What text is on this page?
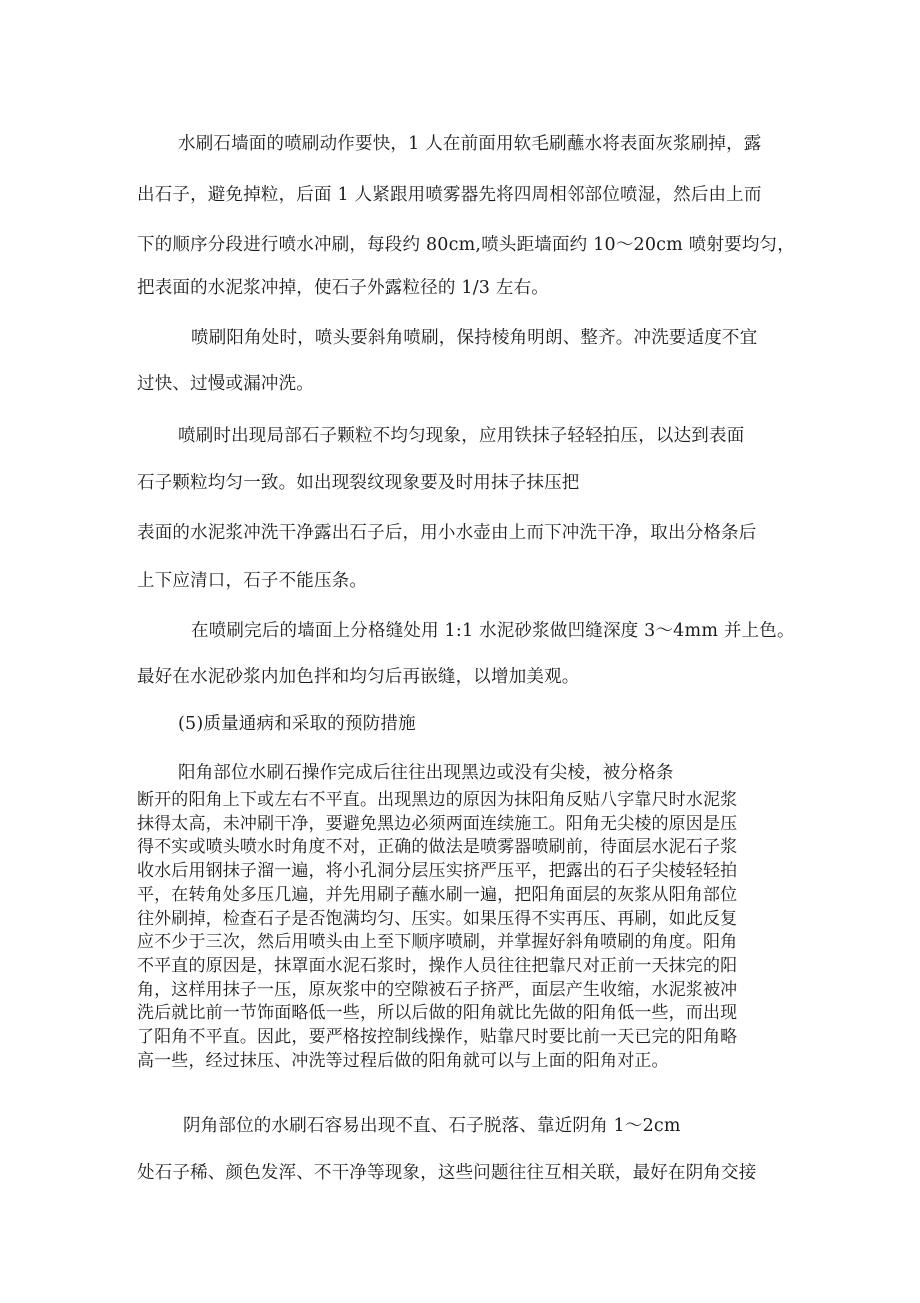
水刷石墙面的喷刷动作要快，1 人在前面用软毛刷蘸水将表面灰浆刷掉，露
出石子，避免掉粒，后面 1 人紧跟用喷雾器先将四周相邻部位喷湿，然后由上而
下的顺序分段进行喷水冲刷，每段约 80cm,喷头距墙面约 10～20cm 喷射要均匀，
把表面的水泥浆冲掉，使石子外露粒径的 1/3 左右。
喷刷阳角处时，喷头要斜角喷刷，保持棱角明朗、整齐。冲洗要适度不宜
过快、过慢或漏冲洗。
喷刷时出现局部石子颗粒不均匀现象，应用铁抹子轻轻拍压，以达到表面
石子颗粒均匀一致。如出现裂纹现象要及时用抹子抹压把
表面的水泥浆冲洗干净露出石子后，用小水壶由上而下冲洗干净，取出分格条后
上下应清口，石子不能压条。
在喷刷完后的墙面上分格缝处用 1:1 水泥砂浆做凹缝深度 3～4mm 并上色。
最好在水泥砂浆内加色拌和均匀后再嵌缝，以增加美观。
(5)质量通病和采取的预防措施
阳角部位水刷石操作完成后往往出现黑边或没有尖棱，被分格条
断开的阳角上下或左右不平直。出现黑边的原因为抹阳角反贴八字靠尺时水泥浆
抹得太高，未冲刷干净，要避免黑边必须两面连续施工。阳角无尖棱的原因是压
得不实或喷头喷水时角度不对，正确的做法是喷雾器喷刷前，待面层水泥石子浆
收水后用钢抹子溜一遍，将小孔洞分层压实挤严压平，把露出的石子尖棱轻轻拍
平，在转角处多压几遍，并先用刷子蘸水刷一遍，把阳角面层的灰浆从阳角部位
往外刷掉，检查石子是否饱满均匀、压实。如果压得不实再压、再刷，如此反复
应不少于三次，然后用喷头由上至下顺序喷刷，并掌握好斜角喷刷的角度。阳角
不平直的原因是，抹罩面水泥石浆时，操作人员往往把靠尺对正前一天抹完的阳
角，这样用抹子一压，原灰浆中的空隙被石子挤严，面层产生收缩，水泥浆被冲
洗后就比前一节饰面略低一些，所以后做的阳角就比先做的阳角低一些，而出现
了阳角不平直。因此，要严格按控制线操作，贴靠尺时要比前一天已完的阳角略
高一些，经过抹压、冲洗等过程后做的阳角就可以与上面的阳角对正。
阴角部位的水刷石容易出现不直、石子脱落、靠近阴角 1～2cm
处石子稀、颜色发浑、不干净等现象，这些问题往往互相关联，最好在阴角交接
